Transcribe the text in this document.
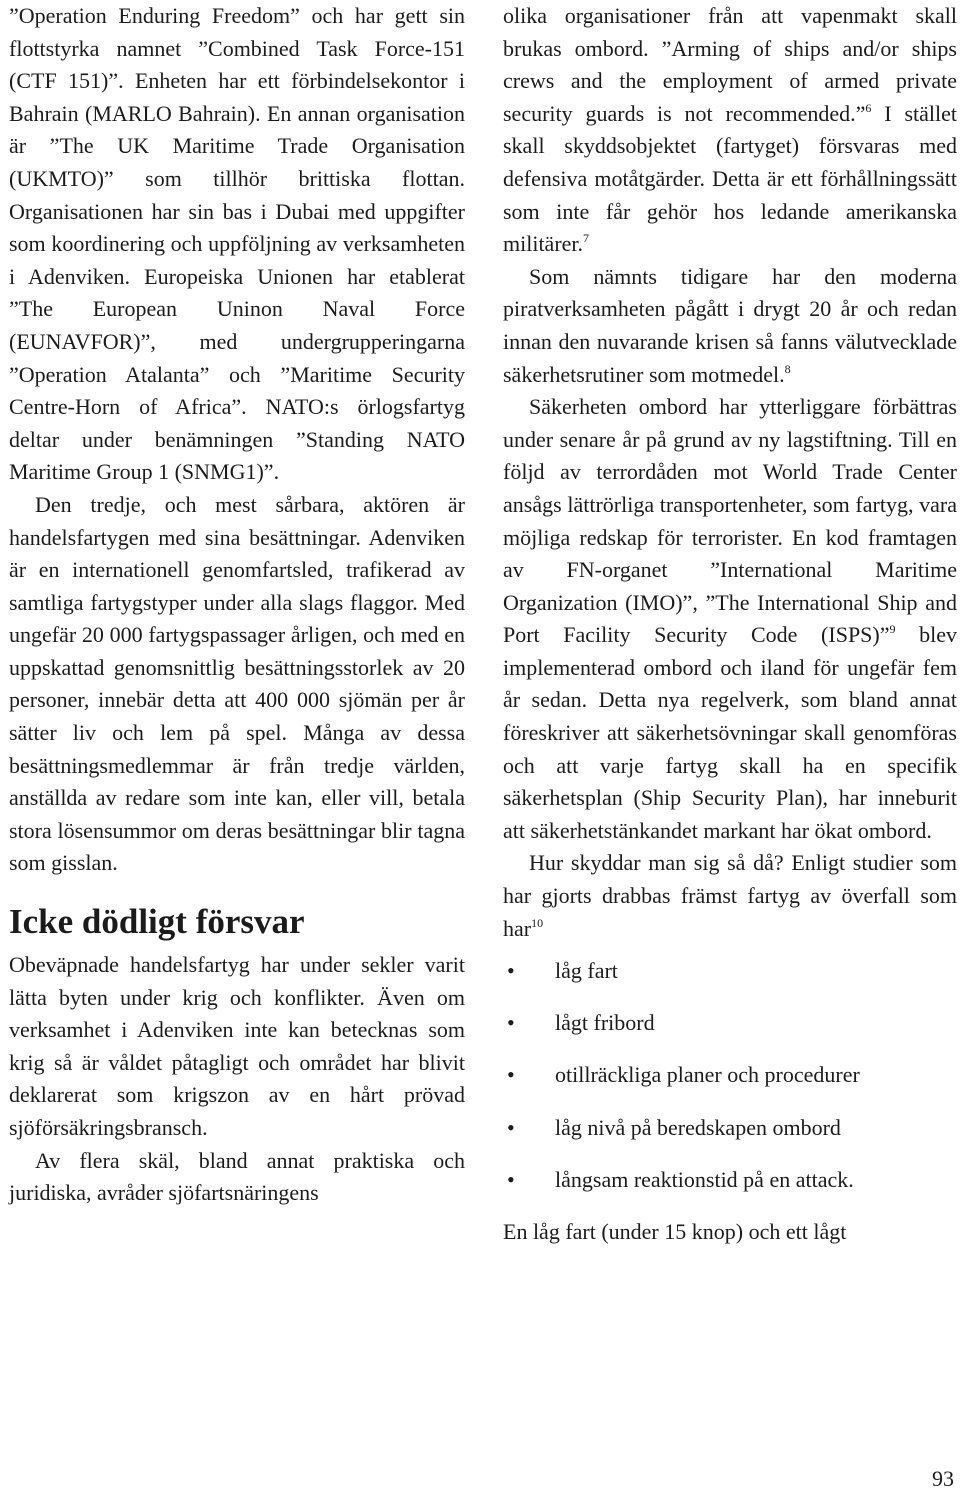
”Operation Enduring Freedom” och har gett sin flottstyrka namnet ”Combined Task Force-151 (CTF 151)”. Enheten har ett förbindelsekontor i Bahrain (MARLO Bahrain). En annan organisation är ”The UK Maritime Trade Organisation (UKMTO)” som tillhör brittiska flottan. Organisationen har sin bas i Dubai med uppgifter som koordinering och uppföljning av verksamheten i Adenviken. Europeiska Unionen har etablerat ”The European Uninon Naval Force (EUNAVFOR)”, med undergrupperingarna ”Operation Atalanta” och ”Maritime Security Centre-Horn of Africa”. NATO:s örlogsfartyg deltar under benämningen ”Standing NATO Maritime Group 1 (SNMG1)”.

Den tredje, och mest sårbara, aktören är handelsfartygen med sina besättningar. Adenviken är en internationell genomfartsled, trafikerad av samtliga fartygstyper under alla slags flaggor. Med ungefär 20 000 fartygspassager årligen, och med en uppskattad genomsnittlig besättningsstorlek av 20 personer, innebär detta att 400 000 sjömän per år sätter liv och lem på spel. Många av dessa besättningsmedlemmar är från tredje världen, anställda av redare som inte kan, eller vill, betala stora lösensummor om deras besättningar blir tagna som gisslan.

Icke dödligt försvar

Obeväpnade handelsfartyg har under sekler varit lätta byten under krig och konflikter. Även om verksamhet i Adenviken inte kan betecknas som krig så är våldet påtagligt och området har blivit deklarerat som krigszon av en hårt prövad sjöförsäkringsbransch.

Av flera skäl, bland annat praktiska och juridiska, avråder sjöfartsnäringens

olika organisationer från att vapenmakt skall brukas ombord. ”Arming of ships and/or ships crews and the employment of armed private security guards is not recommended.”$^6$ I stället skall skyddsobjektet (fartyget) försvaras med defensiva motåtgärder. Detta är ett förhållningssätt som inte får gehör hos ledande amerikanska militärer.$^7$

Som nämnts tidigare har den moderna piratverksamheten pågått i drygt 20 år och redan innan den nuvarande krisen så fanns välutvecklade säkerhetsrutiner som motmedel.$^8$

Säkerheten ombord har ytterliggare förbättras under senare år på grund av ny lagstiftning. Till en följd av terrordåden mot World Trade Center ansågs lättrörliga transportenheter, som fartyg, vara möjliga redskap för terrorister. En kod framtagen av FN-organet ”International Maritime Organization (IMO)”, ”The International Ship and Port Facility Security Code (ISPS)”$^9$ blev implementerad ombord och iland för ungefär fem år sedan. Detta nya regelverk, som bland annat föreskriver att säkerhetsövningar skall genomföras och att varje fartyg skall ha en specifik säkerhetsplan (Ship Security Plan), har inneburit att säkerhetstänkandet markant har ökat ombord.

Hur skyddar man sig så då? Enligt studier som har gjorts drabbas främst fartyg av överfall som har$^{10}$

• låg fart
• lågt fribord
• otillräckliga planer och procedurer
• låg nivå på beredskapen ombord
• långsam reaktionstid på en attack.

En låg fart (under 15 knop) och ett lågt

93
